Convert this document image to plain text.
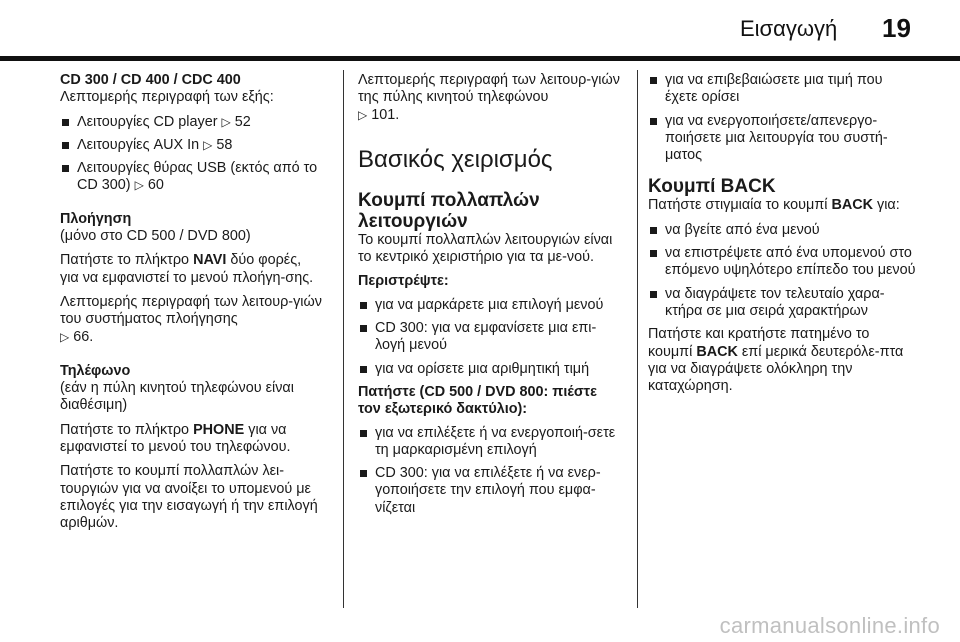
Εισαγωγή 19

CD 300 / CD 400 / CDC 400

Λεπτομερής περιγραφή των εξής:

Λειτουργίες CD player ▷ 52
Λειτουργίες AUX In ▷ 58
Λειτουργίες θύρας USB (εκτός από το CD 300) ▷ 60

Πλοήγηση

(μόνο στο CD 500 / DVD 800)

Πατήστε το πλήκτρο NAVI δύο φορές, για να εμφανιστεί το μενού πλοήγη-σης.

Λεπτομερής περιγραφή των λειτουρ-γιών του συστήματος πλοήγησης
▷ 66.

Τηλέφωνο

(εάν η πύλη κινητού τηλεφώνου είναι διαθέσιμη)

Πατήστε το πλήκτρο PHONE για να εμφανιστεί το μενού του τηλεφώνου.

Πατήστε το κουμπί πολλαπλών λει-τουργιών για να ανοίξει το υπομενού με επιλογές για την εισαγωγή ή την επιλογή αριθμών.

Λεπτομερής περιγραφή των λειτουρ-γιών της πύλης κινητού τηλεφώνου
▷ 101.

Βασικός χειρισμός

Κουμπί πολλαπλών λειτουργιών

Το κουμπί πολλαπλών λειτουργιών είναι το κεντρικό χειριστήριο για τα με-νού.

Περιστρέψτε:

για να μαρκάρετε μια επιλογή μενού
CD 300: για να εμφανίσετε μια επι-λογή μενού
για να ορίσετε μια αριθμητική τιμή

Πατήστε (CD 500 / DVD 800: πιέστε τον εξωτερικό δακτύλιο):

για να επιλέξετε ή να ενεργοποιή-σετε τη μαρκαρισμένη επιλογή
CD 300: για να επιλέξετε ή να ενερ-γοποιήσετε την επιλογή που εμφα-νίζεται
για να επιβεβαιώσετε μια τιμή που έχετε ορίσει
για να ενεργοποιήσετε/απενεργο-ποιήσετε μια λειτουργία του συστή-ματος

Κουμπί BACK

Πατήστε στιγμιαία το κουμπί BACK για:

να βγείτε από ένα μενού
να επιστρέψετε από ένα υπομενού στο επόμενο υψηλότερο επίπεδο του μενού
να διαγράψετε τον τελευταίο χαρα-κτήρα σε μια σειρά χαρακτήρων

Πατήστε και κρατήστε πατημένο το κουμπί BACK επί μερικά δευτερόλε-πτα για να διαγράψετε ολόκληρη την καταχώρηση.

carmanualsonline.info
